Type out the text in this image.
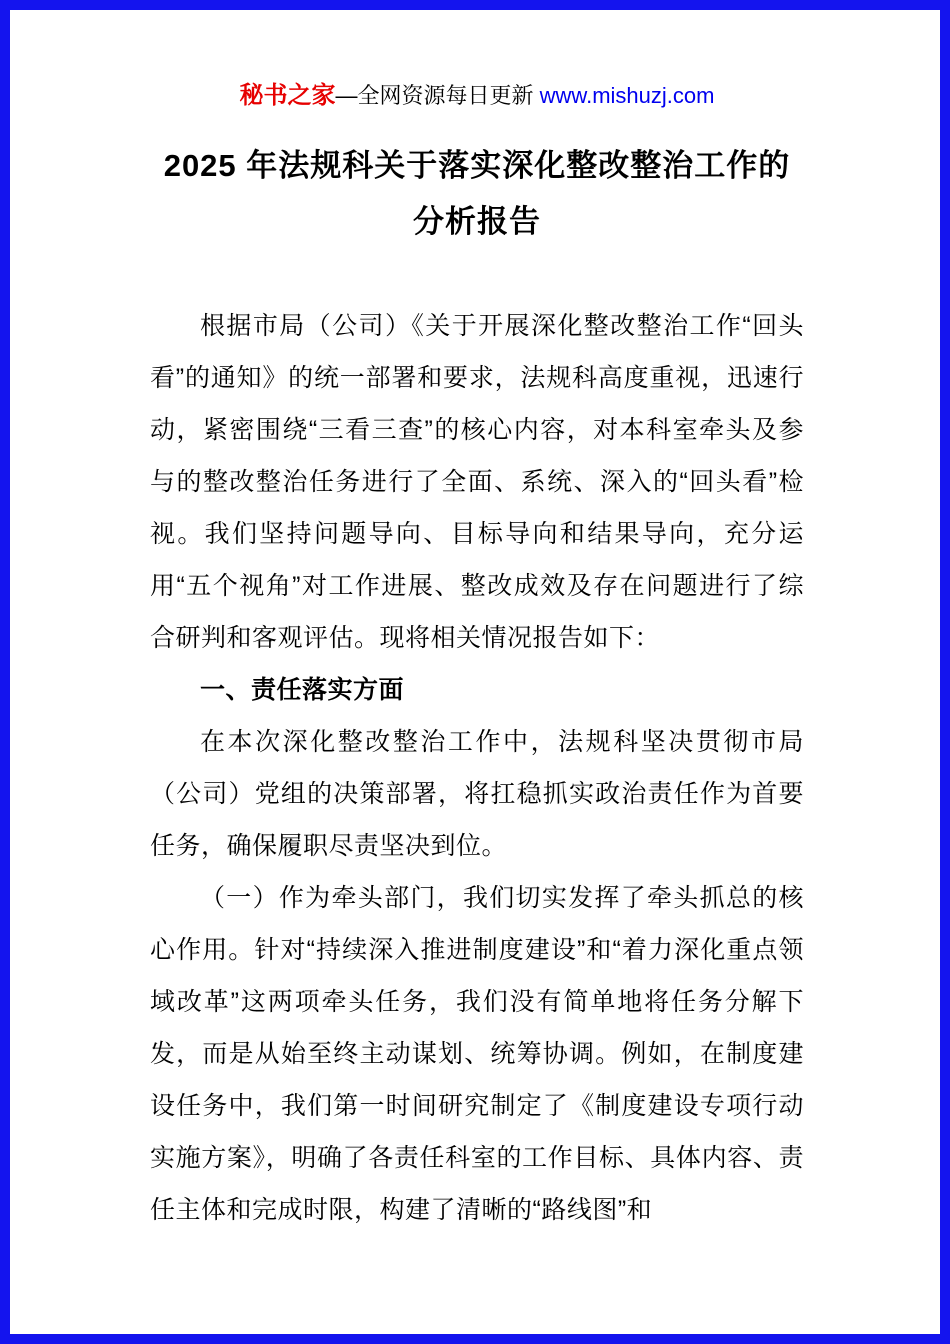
秘书之家—全网资源每日更新 www.mishuzj.com
2025 年法规科关于落实深化整改整治工作的
分析报告

根据市局（公司）《关于开展深化整改整治工作“回头看”的通知》的统一部署和要求，法规科高度重视，迅速行动，紧密围绕“三看三查”的核心内容，对本科室牵头及参与的整改整治任务进行了全面、系统、深入的“回头看”检视。我们坚持问题导向、目标导向和结果导向，充分运用“五个视角”对工作进展、整改成效及存在问题进行了综合研判和客观评估。现将相关情况报告如下：

一、责任落实方面

在本次深化整改整治工作中，法规科坚决贯彻市局（公司）党组的决策部署，将扛稳抓实政治责任作为首要任务，确保履职尽责坚决到位。

（一）作为牵头部门，我们切实发挥了牵头抓总的核心作用。针对“持续深入推进制度建设”和“着力深化重点领域改革”这两项牵头任务，我们没有简单地将任务分解下发，而是从始至终主动谋划、统筹协调。例如，在制度建设任务中，我们第一时间研究制定了《制度建设专项行动实施方案》，明确了各责任科室的工作目标、具体内容、责任主体和完成时限，构建了清晰的“路线图”和
